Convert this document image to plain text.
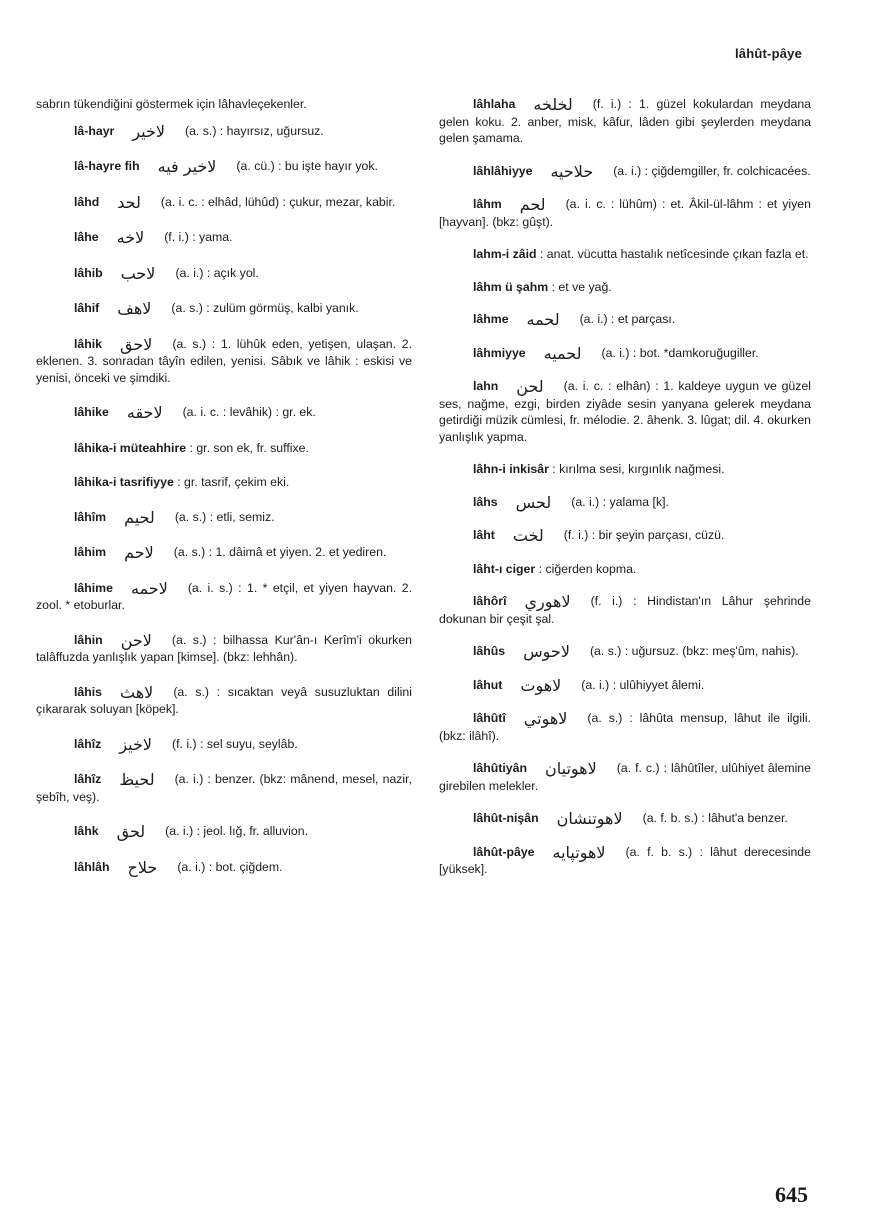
lâhût-pâye

sabrın tükendiğini göstermek için lâhavleçekenler.

lâ-hayr لاخير (a. s.) : hayırsız, uğursuz.

lâ-hayre fih لاخير فيه (a. cü.) : bu işte hayır yok.

lâhd لحد (a. i. c. : elhâd, lühûd) : çukur, mezar, kabir.

lâhe لاخه (f. i.) : yama.

lâhib لاحب (a. i.) : açık yol.

lâhif لاهف (a. s.) : zulüm görmüş, kalbi yanık.

lâhik لاحق (a. s.) : 1. lühûk eden, yetişen, ulaşan. 2. eklenen. 3. sonradan tâyîn edilen, yenisi. Sâbık ve lâhik : eskisi ve yenisi, önceki ve şimdiki.

lâhike لاحقه (a. i. c. : levâhik) : gr. ek.

lâhika-i müteahhire : gr. son ek, fr. suffixe.

lâhika-i tasrifiyye : gr. tasrif, çekim eki.

lâhîm لحيم (a. s.) : etli, semiz.

lâhim لاحم (a. s.) : 1. dâimâ et yiyen. 2. et yediren.

lâhime لاحمه (a. i. s.) : 1. * etçil, et yiyen hayvan. 2. zool. * etoburlar.

lâhin لاحن (a. s.) : bilhassa Kur'ân-ı Kerîm'i okurken talâffuzda yanlışlık yapan [kimse]. (bkz: lehhân).

lâhis لاهث (a. s.) : sıcaktan veyâ susuzluktan dilini çıkararak soluyan [köpek].

lâhîz لاخيز (f. i.) : sel suyu, seylâb.

lâhîz لحيظ (a. i.) : benzer. (bkz: mânend, mesel, nazir, şebîh, veş).

lâhk لحق (a. i.) : jeol. lığ, fr. alluvion.

lâhlâh حلاح (a. i.) : bot. çiğdem.

lâhlaha لخلخه (f. i.) : 1. güzel kokulardan meydana gelen koku. 2. anber, misk, kâfur, lâden gibi şeylerden meydana gelen şamama.

lâhlâhiyye حلاحيه (a. i.) : çiğdemgiller, fr. colchicacées.

lâhm لحم (a. i. c. : lühûm) : et. Âkil-ül-lâhm : et yiyen [hayvan]. (bkz: gûşt).

lahm-i zâid : anat. vücutta hastalık netîcesinde çıkan fazla et.

lâhm ü şahm : et ve yağ.

lâhme لحمه (a. i.) : et parçası.

lâhmiyye لحميه (a. i.) : bot. *damkoruğugiller.

lahn لحن (a. i. c. : elhân) : 1. kaldeye uygun ve güzel ses, nağme, ezgi, birden ziyâde sesin yanyana gelerek meydana getirdiği müzik cümlesi, fr. mélodie. 2. âhenk. 3. lûgat; dil. 4. okurken yanlışlık yapma.

lâhn-i inkisâr : kırılma sesi, kırgınlık nağmesi.

lâhs لحس (a. i.) : yalama [k].

lâht لخت (f. i.) : bir şeyin parçası, cüzü.

lâht-ı ciger : ciğerden kopma.

lâhôrî لاهوري (f. i.) : Hindistan'ın Lâhur şehrinde dokunan bir çeşit şal.

lâhûs لاحوس (a. s.) : uğursuz. (bkz: meş'ûm, nahis).

lâhut لاهوت (a. i.) : ulûhiyyet âlemi.

lâhûtî لاهوتي (a. s.) : lâhûta mensup, lâhut ile ilgili. (bkz: ilâhî).

lâhûtiyân لاهوتيان (a. f. c.) : lâhûtîler, ulûhiyet âlemine girebilen melekler.

lâhût-nişân لاهوتنشان (a. f. b. s.) : lâhut'a benzer.

lâhût-pâye لاهوتپايه (a. f. b. s.) : lâhut derecesinde [yüksek].

645
